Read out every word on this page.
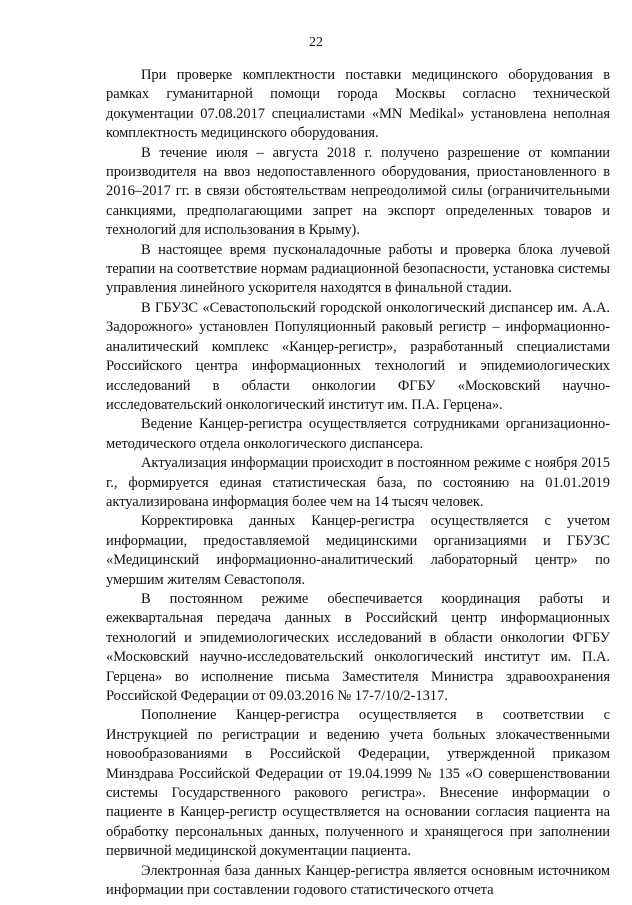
22

При проверке комплектности поставки медицинского оборудования в рамках гуманитарной помощи города Москвы согласно технической документации 07.08.2017 специалистами «MN Medikal» установлена неполная комплектность медицинского оборудования.

В течение июля – августа 2018 г. получено разрешение от компании производителя на ввоз недопоставленного оборудования, приостановленного в 2016–2017 гг. в связи обстоятельствам непреодолимой силы (ограничительными санкциями, предполагающими запрет на экспорт определенных товаров и технологий для использования в Крыму).

В настоящее время пусконаладочные работы и проверка блока лучевой терапии на соответствие нормам радиационной безопасности, установка системы управления линейного ускорителя находятся в финальной стадии.

В ГБУЗС «Севастопольский городской онкологический диспансер им. А.А. Задорожного» установлен Популяционный раковый регистр – информационно-аналитический комплекс «Канцер-регистр», разработанный специалистами Российского центра информационных технологий и эпидемиологических исследований в области онкологии ФГБУ «Московский научно-исследовательский онкологический институт им. П.А. Герцена».

Ведение Канцер-регистра осуществляется сотрудниками организационно-методического отдела онкологического диспансера.

Актуализация информации происходит в постоянном режиме с ноября 2015 г., формируется единая статистическая база, по состоянию на 01.01.2019 актуализирована информация более чем на 14 тысяч человек.

Корректировка данных Канцер-регистра осуществляется с учетом информации, предоставляемой медицинскими организациями и ГБУЗС «Медицинский информационно-аналитический лабораторный центр» по умершим жителям Севастополя.

В постоянном режиме обеспечивается координация работы и ежеквартальная передача данных в Российский центр информационных технологий и эпидемиологических исследований в области онкологии ФГБУ «Московский научно-исследовательский онкологический институт им. П.А. Герцена» во исполнение письма Заместителя Министра здравоохранения Российской Федерации от 09.03.2016 № 17-7/10/2-1317.

Пополнение Канцер-регистра осуществляется в соответствии с Инструкцией по регистрации и ведению учета больных злокачественными новообразованиями в Российской Федерации, утвержденной приказом Минздрава Российской Федерации от 19.04.1999 № 135 «О совершенствовании системы Государственного ракового регистра». Внесение информации о пациенте в Канцер-регистр осуществляется на основании согласия пациента на обработку персональных данных, полученного и хранящегося при заполнении первичной медицинской документации пациента.

Электронная база данных Канцер-регистра является основным источником информации при составлении годового статистического отчета
